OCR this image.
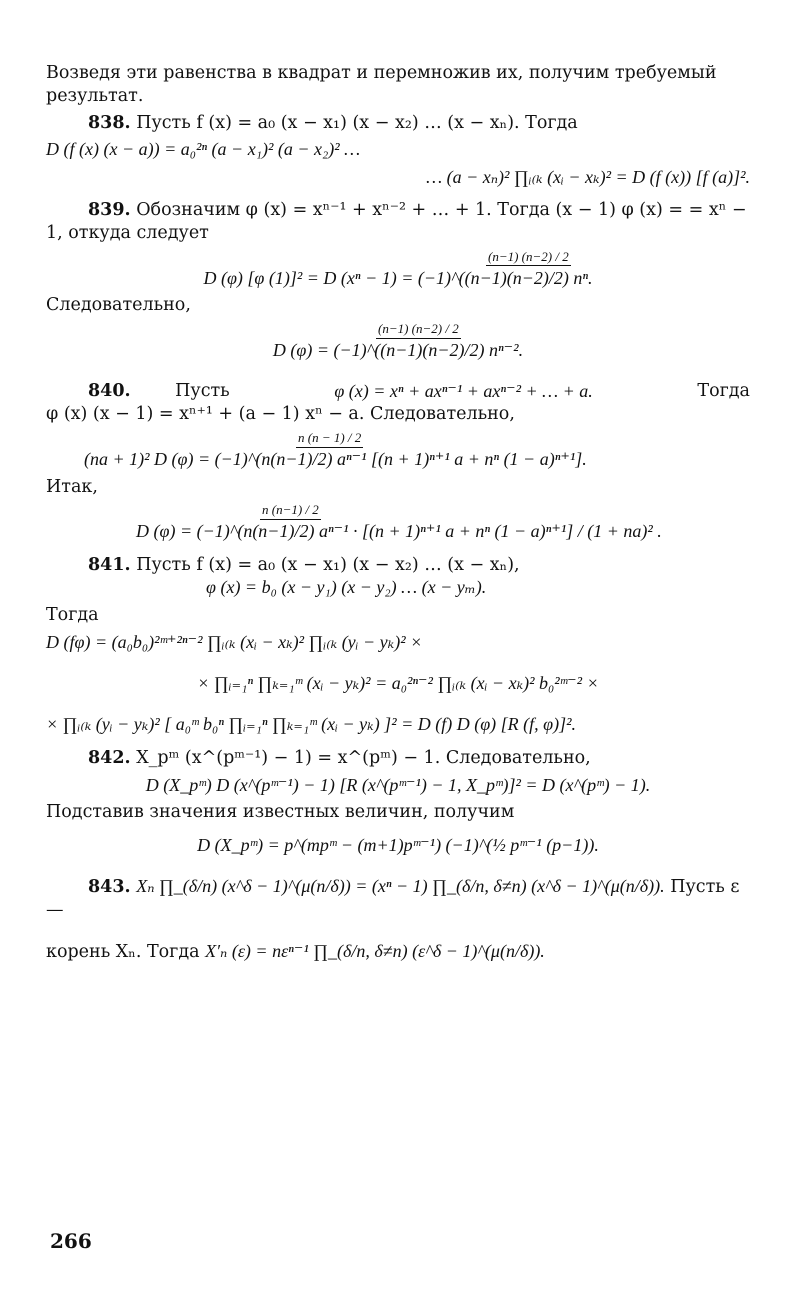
Возведя эти равенства в квадрат и перемножив их, получим требуемый результат.

838. Пусть f (x) = a₀ (x − x₁) (x − x₂) … (x − xₙ). Тогда

D (f (x) (x − a)) = a₀²ⁿ (a − x₁)² (a − x₂)² …
… (a − xₙ)² ∏ᵢ₍ₖ (xᵢ − xₖ)² = D (f (x)) [f (a)]².

839. Обозначим φ (x) = xⁿ⁻¹ + xⁿ⁻² + … + 1. Тогда (x − 1) φ (x) = = xⁿ − 1, откуда следует

(n−1) (n−2) / 2
D (φ) [φ (1)]² = D (xⁿ − 1) = (−1)^((n−1)(n−2)/2) nⁿ.

Следовательно,

(n−1) (n−2) / 2
D (φ) = (−1)^((n−1)(n−2)/2) nⁿ⁻².

840.	Пусть	φ (x) = xⁿ + axⁿ⁻¹ + axⁿ⁻² + … + a.	Тогда

φ (x) (x − 1) = xⁿ⁺¹ + (a − 1) xⁿ − a. Следовательно,

n (n − 1) / 2
(na + 1)² D (φ) = (−1)^(n(n−1)/2) aⁿ⁻¹ [(n + 1)ⁿ⁺¹ a + nⁿ (1 − a)ⁿ⁺¹].

Итак,

n (n−1) / 2
D (φ) = (−1)^(n(n−1)/2) aⁿ⁻¹ · [(n + 1)ⁿ⁺¹ a + nⁿ (1 − a)ⁿ⁺¹] / (1 + na)² .

841. Пусть f (x) = a₀ (x − x₁) (x − x₂) … (x − xₙ),

φ (x) = b₀ (x − y₁) (x − y₂) … (x − yₘ).

Тогда

D (fφ) = (a₀b₀)²ᵐ⁺²ⁿ⁻² ∏ᵢ₍ₖ (xᵢ − xₖ)² ∏ᵢ₍ₖ (yᵢ − yₖ)² ×
× ∏ᵢ₌₁ⁿ ∏ₖ₌₁ᵐ (xᵢ − yₖ)² = a₀²ⁿ⁻² ∏ᵢ₍ₖ (xᵢ − xₖ)² b₀²ᵐ⁻² ×
× ∏ᵢ₍ₖ (yᵢ − yₖ)² [ a₀ᵐ b₀ⁿ ∏ᵢ₌₁ⁿ ∏ₖ₌₁ᵐ (xᵢ − yₖ) ]² = D (f) D (φ) [R (f, φ)]².

842. X_pᵐ (x^(pᵐ⁻¹) − 1) = x^(pᵐ) − 1. Следовательно,

D (X_pᵐ) D (x^(pᵐ⁻¹) − 1) [R (x^(pᵐ⁻¹) − 1, X_pᵐ)]² = D (x^(pᵐ) − 1).

Подставив значения известных величин, получим

D (X_pᵐ) = p^(mpᵐ − (m+1)pᵐ⁻¹) (−1)^(½ pᵐ⁻¹ (p−1)).

843. Xₙ ∏_(δ/n) (x^δ − 1)^(μ(n/δ)) = (xⁿ − 1) ∏_(δ/n, δ≠n) (x^δ − 1)^(μ(n/δ)). Пусть ε —

корень Xₙ. Тогда X′ₙ (ε) = nεⁿ⁻¹ ∏_(δ/n, δ≠n) (ε^δ − 1)^(μ(n/δ)).

266
